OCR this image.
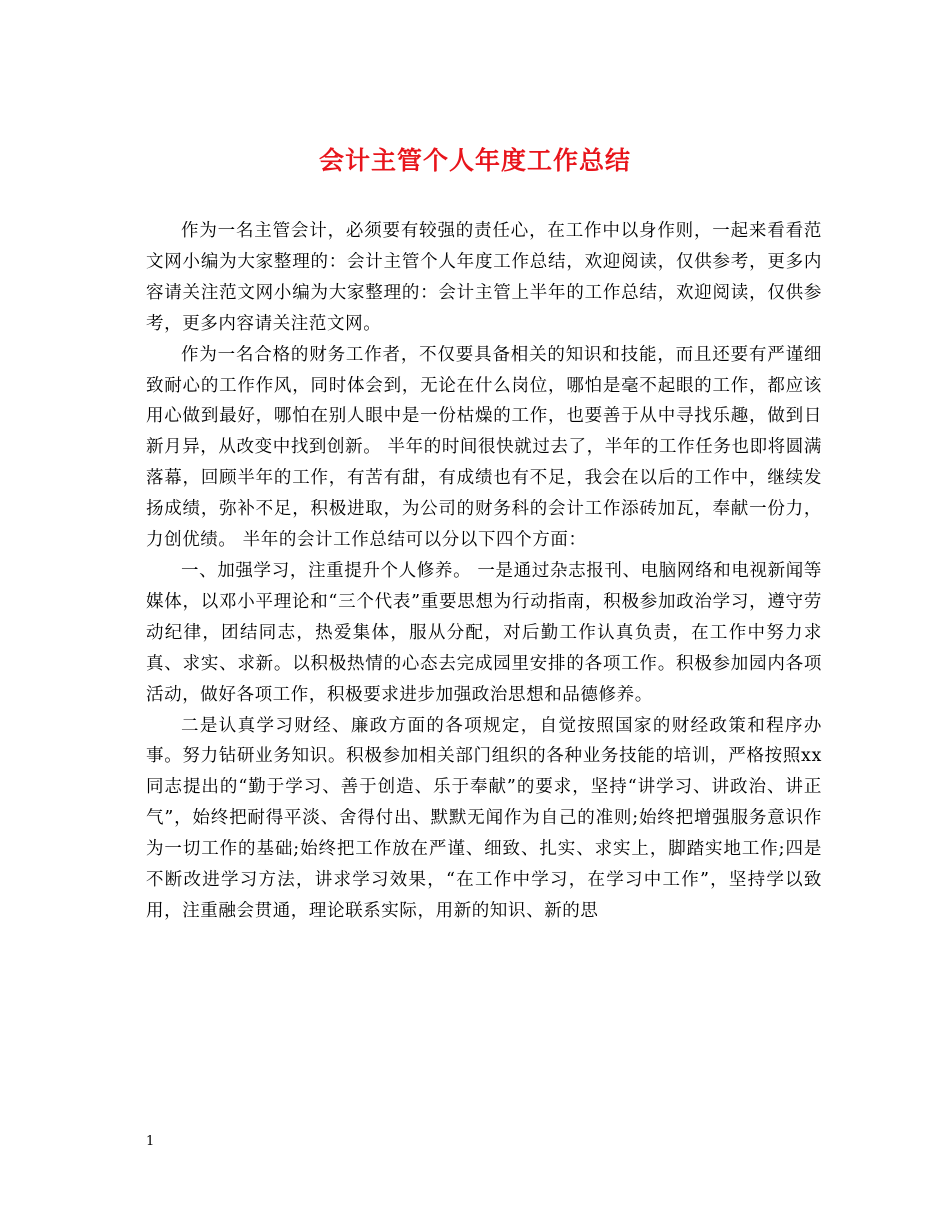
会计主管个人年度工作总结

作为一名主管会计，必须要有较强的责任心，在工作中以身作则，一起来看看范文网小编为大家整理的：会计主管个人年度工作总结，欢迎阅读，仅供参考，更多内容请关注范文网小编为大家整理的：会计主管上半年的工作总结，欢迎阅读，仅供参考，更多内容请关注范文网。

作为一名合格的财务工作者，不仅要具备相关的知识和技能，而且还要有严谨细致耐心的工作作风，同时体会到，无论在什么岗位，哪怕是毫不起眼的工作，都应该用心做到最好，哪怕在别人眼中是一份枯燥的工作，也要善于从中寻找乐趣，做到日新月异，从改变中找到创新。 半年的时间很快就过去了，半年的工作任务也即将圆满落幕，回顾半年的工作，有苦有甜，有成绩也有不足，我会在以后的工作中，继续发扬成绩，弥补不足，积极进取，为公司的财务科的会计工作添砖加瓦，奉献一份力，力创优绩。 半年的会计工作总结可以分以下四个方面：

一、加强学习，注重提升个人修养。 一是通过杂志报刊、电脑网络和电视新闻等媒体，以邓小平理论和“三个代表”重要思想为行动指南，积极参加政治学习，遵守劳动纪律，团结同志，热爱集体，服从分配，对后勤工作认真负责，在工作中努力求真、求实、求新。以积极热情的心态去完成园里安排的各项工作。积极参加园内各项活动，做好各项工作，积极要求进步加强政治思想和品德修养。

二是认真学习财经、廉政方面的各项规定，自觉按照国家的财经政策和程序办事。努力钻研业务知识。积极参加相关部门组织的各种业务技能的培训，严格按照xx同志提出的“勤于学习、善于创造、乐于奉献”的要求，坚持“讲学习、讲政治、讲正气”，始终把耐得平淡、舍得付出、默默无闻作为自己的准则;始终把增强服务意识作为一切工作的基础;始终把工作放在严谨、细致、扎实、求实上，脚踏实地工作;四是不断改进学习方法，讲求学习效果，“在工作中学习，在学习中工作”，坚持学以致用，注重融会贯通，理论联系实际，用新的知识、新的思

1
